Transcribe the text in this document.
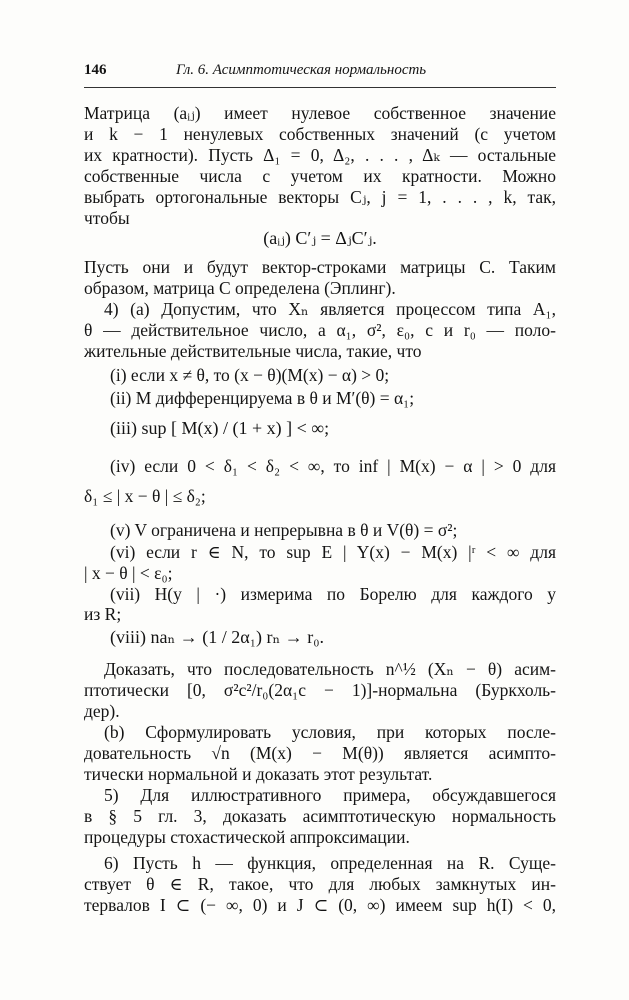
146	Гл. 6. Асимптотическая нормальность
Матрица (aᵢⱼ) имеет нулевое собственное значение
и k − 1 ненулевых собственных значений (с учетом
их кратности). Пусть Δ₁ = 0, Δ₂, . . . , Δₖ — остальные
собственные числа с учетом их кратности. Можно
выбрать ортогональные векторы Cⱼ, j = 1, . . . , k, так,
чтобы
(aᵢⱼ) C′ⱼ = ΔⱼC′ⱼ.
Пусть они и будут вектор-строками матрицы C. Таким
образом, матрица C определена (Эплинг).
4) (a) Допустим, что Xₙ является процессом типа A₁,
θ — действительное число, a α₁, σ², ε₀, с и r₀ — поло-
жительные действительные числа, такие, что
(i) если x ≠ θ, то (x − θ)(M(x) − α) > 0;
(ii) M дифференцируема в θ и M′(θ) = α₁;
(iii) sup [ M(x) / (1 + x) ] < ∞;
(iv) если 0 < δ₁ < δ₂ < ∞, то inf | M(x) − α | > 0 для
δ₁ ≤ | x − θ | ≤ δ₂;
(v) V ограничена и непрерывна в θ и V(θ) = σ²;
(vi) если r ∈ N, то sup E | Y(x) − M(x) |ʳ < ∞ для
| x − θ | < ε₀;
(vii) H(y | ·) измерима по Борелю для каждого y
из R;
(viii) naₙ → (1 / 2α₁) rₙ → r₀.
Доказать, что последовательность n^½ (Xₙ − θ) асим-
птотически [0, σ²c²/r₀(2α₁c − 1)]-нормальна (Буркхоль-
дер).
(b) Сформулировать условия, при которых после-
довательность √n (M(x) − M(θ)) является асимпто-
тически нормальной и доказать этот результат.
5) Для иллюстративного примера, обсуждавшегося
в § 5 гл. 3, доказать асимптотическую нормальность
процедуры стохастической аппроксимации.
6) Пусть h — функция, определенная на R. Суще-
ствует θ ∈ R, такое, что для любых замкнутых ин-
тервалов I ⊂ (− ∞, 0) и J ⊂ (0, ∞) имеем sup h(I) < 0,
